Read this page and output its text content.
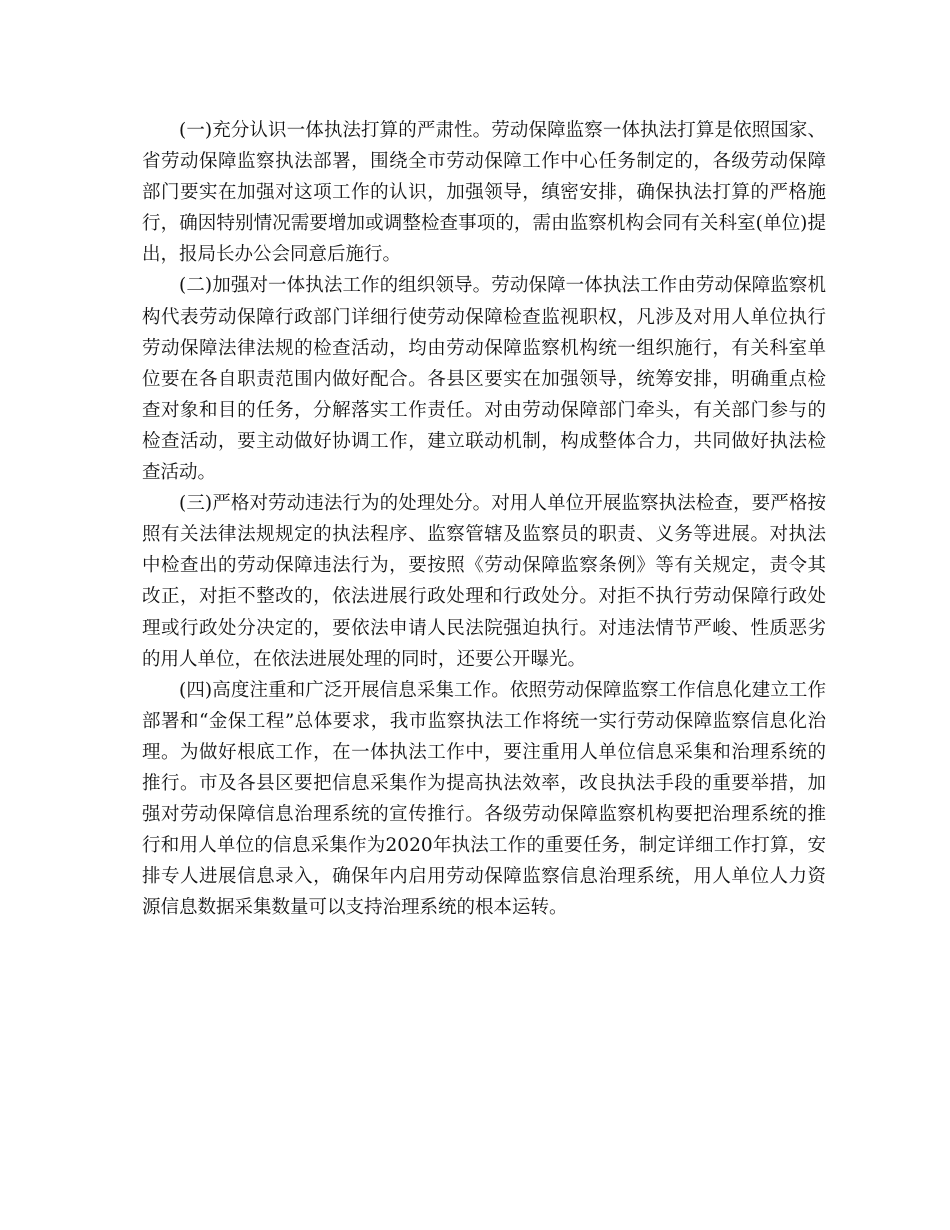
(一)充分认识一体执法打算的严肃性。劳动保障监察一体执法打算是依照国家、省劳动保障监察执法部署，围绕全市劳动保障工作中心任务制定的，各级劳动保障部门要实在加强对这项工作的认识，加强领导，缜密安排，确保执法打算的严格施行，确因特别情况需要增加或调整检查事项的，需由监察机构会同有关科室(单位)提出，报局长办公会同意后施行。

(二)加强对一体执法工作的组织领导。劳动保障一体执法工作由劳动保障监察机构代表劳动保障行政部门详细行使劳动保障检查监视职权，凡涉及对用人单位执行劳动保障法律法规的检查活动，均由劳动保障监察机构统一组织施行，有关科室单位要在各自职责范围内做好配合。各县区要实在加强领导，统筹安排，明确重点检查对象和目的任务，分解落实工作责任。对由劳动保障部门牵头，有关部门参与的检查活动，要主动做好协调工作，建立联动机制，构成整体合力，共同做好执法检查活动。

(三)严格对劳动违法行为的处理处分。对用人单位开展监察执法检查，要严格按照有关法律法规规定的执法程序、监察管辖及监察员的职责、义务等进展。对执法中检查出的劳动保障违法行为，要按照《劳动保障监察条例》等有关规定，责令其改正，对拒不整改的，依法进展行政处理和行政处分。对拒不执行劳动保障行政处理或行政处分决定的，要依法申请人民法院强迫执行。对违法情节严峻、性质恶劣的用人单位，在依法进展处理的同时，还要公开曝光。

(四)高度注重和广泛开展信息采集工作。依照劳动保障监察工作信息化建立工作部署和“金保工程”总体要求，我市监察执法工作将统一实行劳动保障监察信息化治理。为做好根底工作，在一体执法工作中，要注重用人单位信息采集和治理系统的推行。市及各县区要把信息采集作为提高执法效率，改良执法手段的重要举措，加强对劳动保障信息治理系统的宣传推行。各级劳动保障监察机构要把治理系统的推行和用人单位的信息采集作为2020年执法工作的重要任务，制定详细工作打算，安排专人进展信息录入，确保年内启用劳动保障监察信息治理系统，用人单位人力资源信息数据采集数量可以支持治理系统的根本运转。
